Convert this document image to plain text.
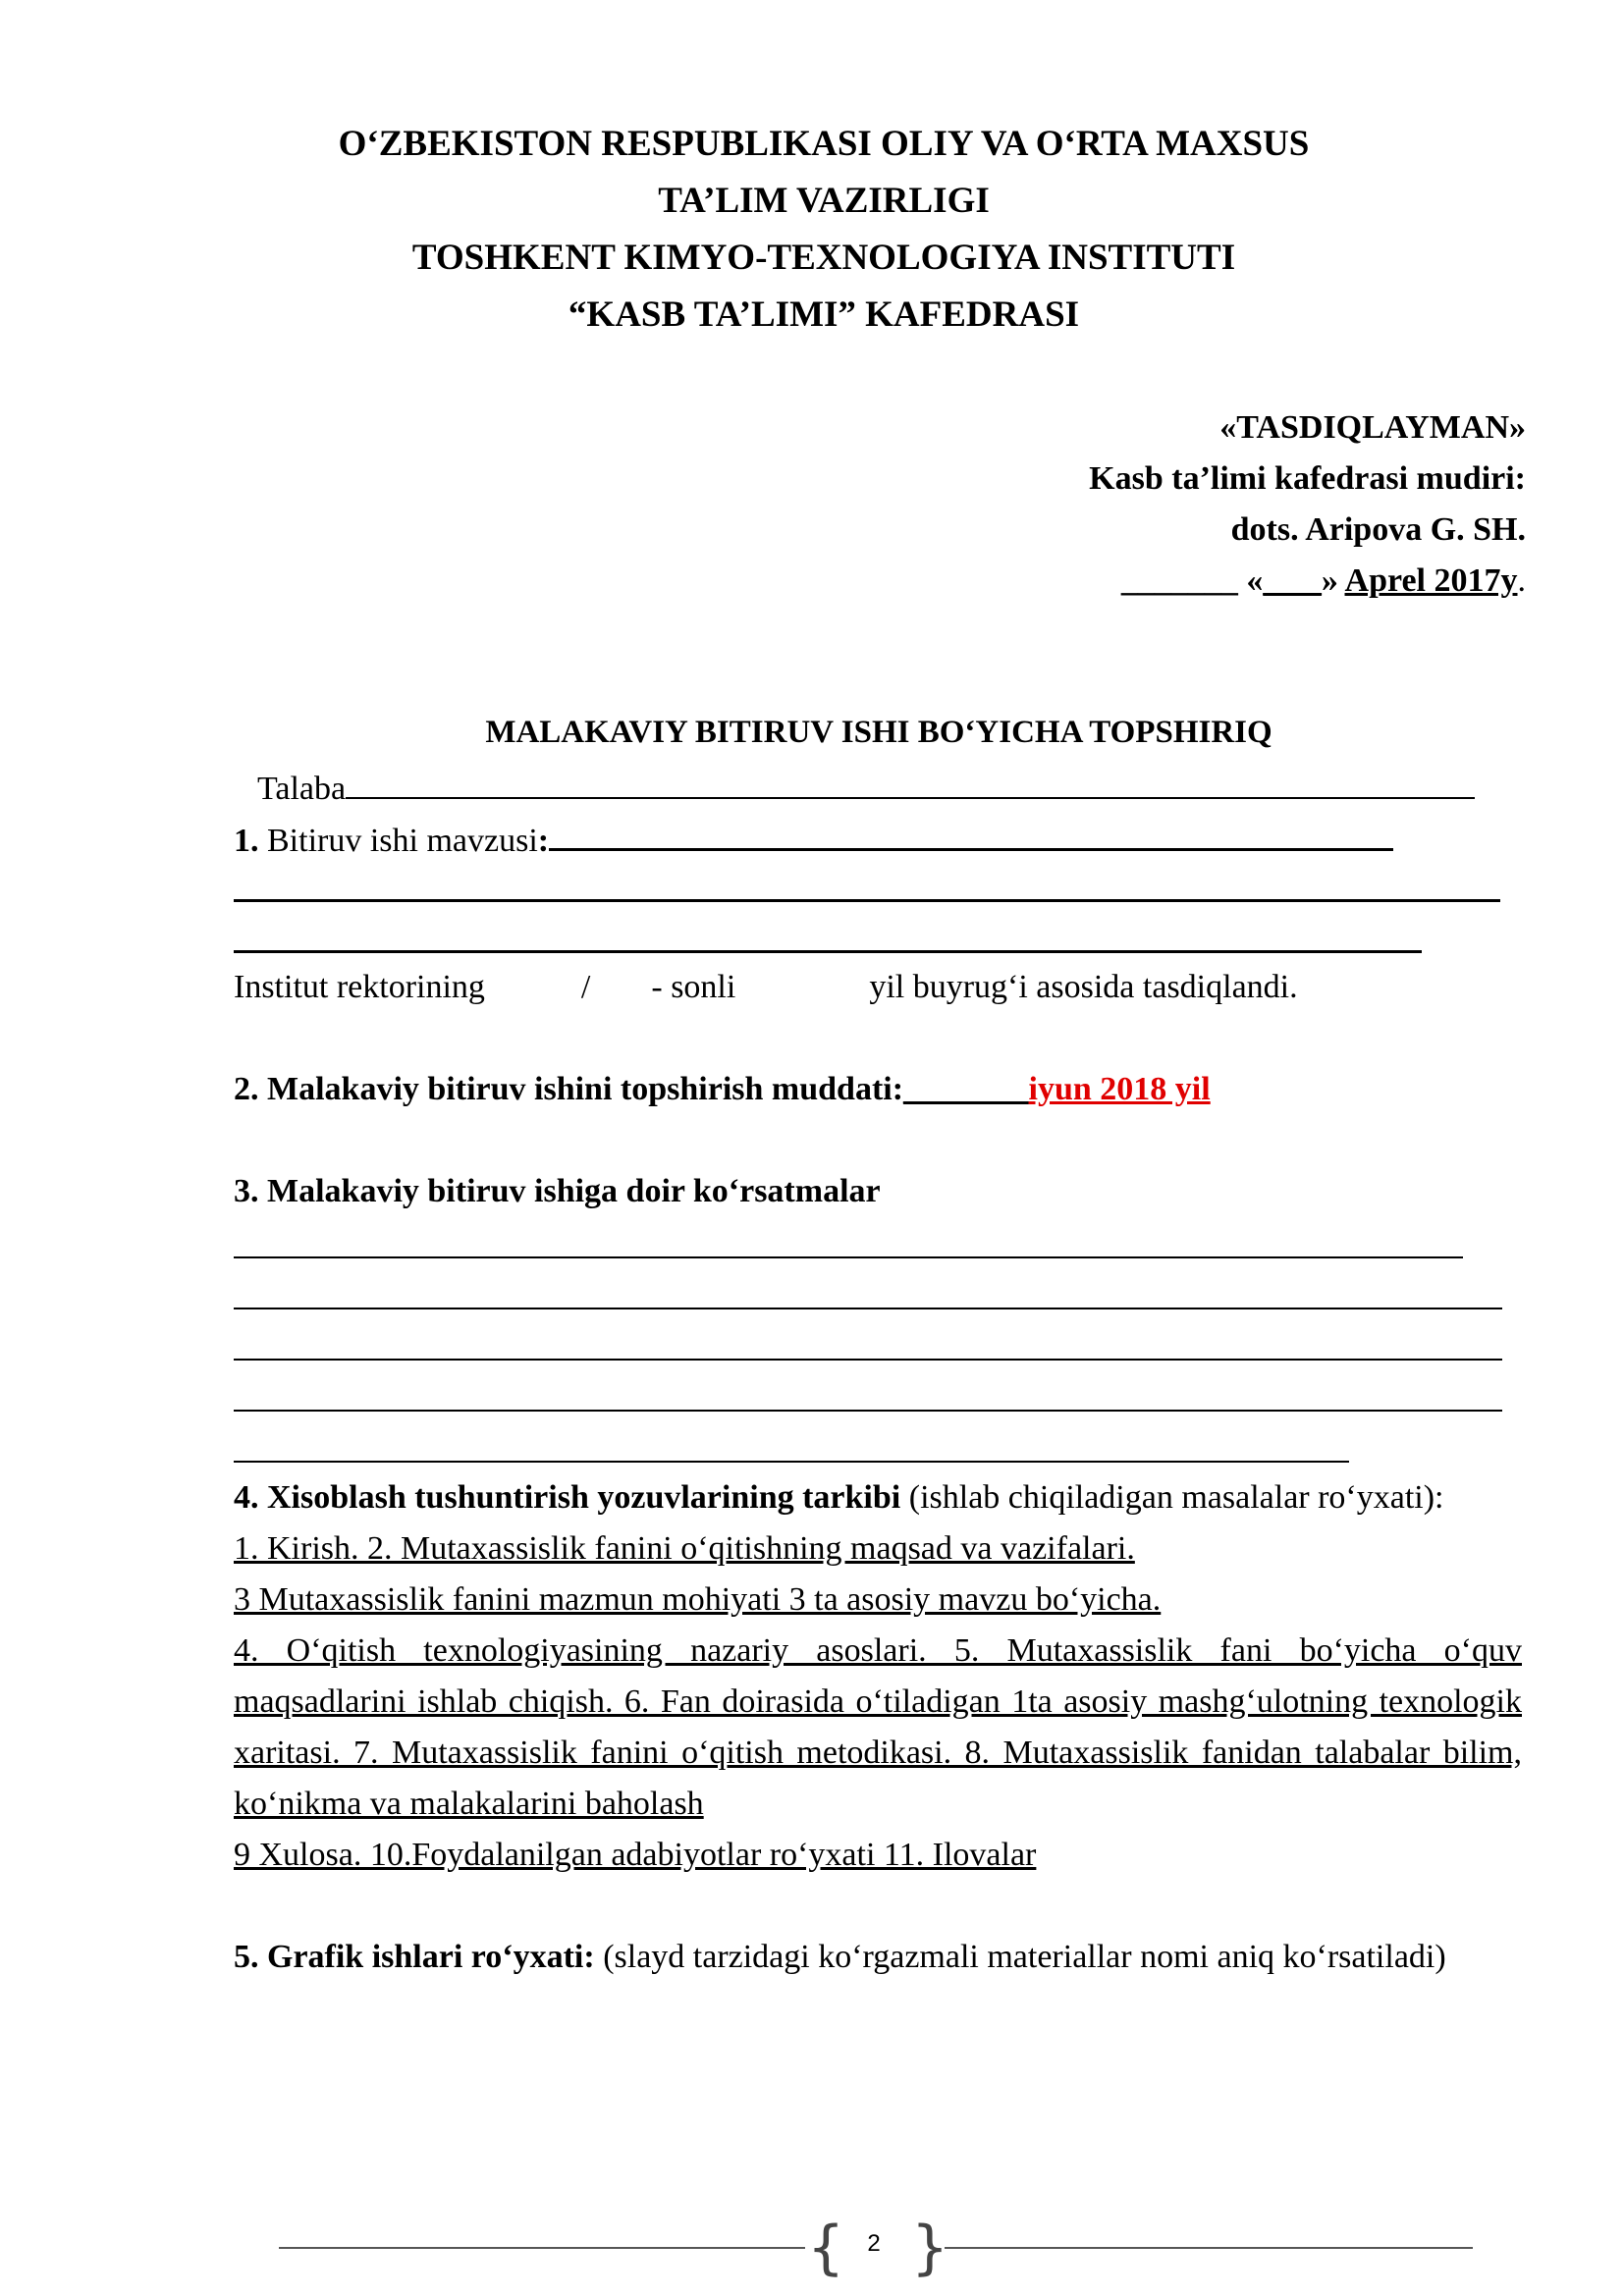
O‘ZBEKISTON RESPUBLIKASI OLIY VA O‘RTA MAXSUS
TA’LIM VAZIRLIGI
TOSHKENT KIMYO-TEXNOLOGIYA INSTITUTI
“KASB TA’LIMI” KAFEDRASI
«TASDIQLAYMAN»
Kasb ta’limi kafedrasi mudiri:
dots. Aripova G. SH.
_______ «_ __» Aprel 2017y.
MALAKAVIY BITIRUV ISHI BO‘YICHA TOPSHIRIQ
Talaba
1. Bitiruv ishi mavzusi:
Institut rektorining	/ - sonli	yil buyrug‘i asosida tasdiqlandi.
2. Malakaviy bitiruv ishini topshirish muddati:__ _____iyun 2018 yil
3. Malakaviy bitiruv ishiga doir ko‘rsatmalar
4. Xisoblash tushuntirish yozuvlarining tarkibi (ishlab chiqiladigan masalalar ro‘yxati):
1. Kirish. 2. Mutaxassislik fanini o‘qitishning maqsad va vazifalari.
3 Mutaxassislik fanini mazmun mohiyati 3 ta asosiy mavzu bo‘yicha.
4. O‘qitish texnologiyasining nazariy asoslari. 5. Mutaxassislik fani bo‘yicha o‘quv maqsadlarini ishlab chiqish. 6. Fan doirasida o‘tiladigan 1ta asosiy mashg‘ulotning texnologik xaritasi. 7. Mutaxassislik fanini o‘qitish metodikasi. 8. Mutaxassislik fanidan talabalar bilim, ko‘nikma va malakalarini baholash
9 Xulosa. 10.Foydalanilgan adabiyotlar ro‘yxati 11. Ilovalar
5. Grafik ishlari ro‘yxati: (slayd tarzidagi ko‘rgazmali materiallar nomi aniq ko‘rsatiladi)
{ 2 }
